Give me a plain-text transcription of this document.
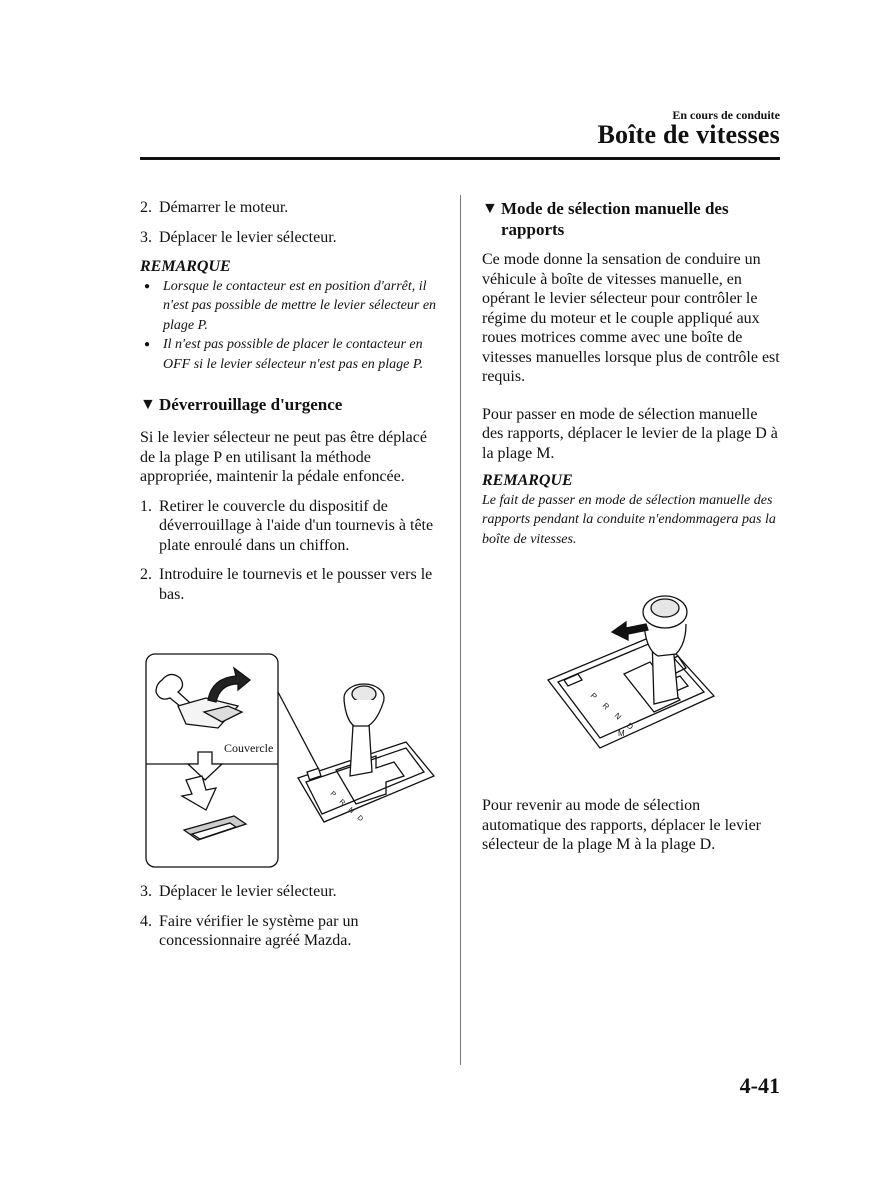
En cours de conduite
Boîte de vitesses
2. Démarrer le moteur.
3. Déplacer le levier sélecteur.
REMARQUE
● Lorsque le contacteur est en position d'arrêt, il n'est pas possible de mettre le levier sélecteur en plage P.
● Il n'est pas possible de placer le contacteur en OFF si le levier sélecteur n'est pas en plage P.
▼ Déverrouillage d'urgence

Si le levier sélecteur ne peut pas être déplacé de la plage P en utilisant la méthode appropriée, maintenir la pédale enfoncée.

1. Retirer le couvercle du dispositif de déverrouillage à l'aide d'un tournevis à tête plate enroulé dans un chiffon.
2. Introduire le tournevis et le pousser vers le bas.
Couvercle
P
R
N
D
3. Déplacer le levier sélecteur.
4. Faire vérifier le système par un concessionnaire agréé Mazda.
▼ Mode de sélection manuelle des rapports

Ce mode donne la sensation de conduire un véhicule à boîte de vitesses manuelle, en opérant le levier sélecteur pour contrôler le régime du moteur et le couple appliqué aux roues motrices comme avec une boîte de vitesses manuelles lorsque plus de contrôle est requis.

Pour passer en mode de sélection manuelle des rapports, déplacer le levier de la plage D à la plage M.

REMARQUE
Le fait de passer en mode de sélection manuelle des rapports pendant la conduite n'endommagera pas la boîte de vitesses.
P
R
N
D
M

Pour revenir au mode de sélection automatique des rapports, déplacer le levier sélecteur de la plage M à la plage D.

4-41
